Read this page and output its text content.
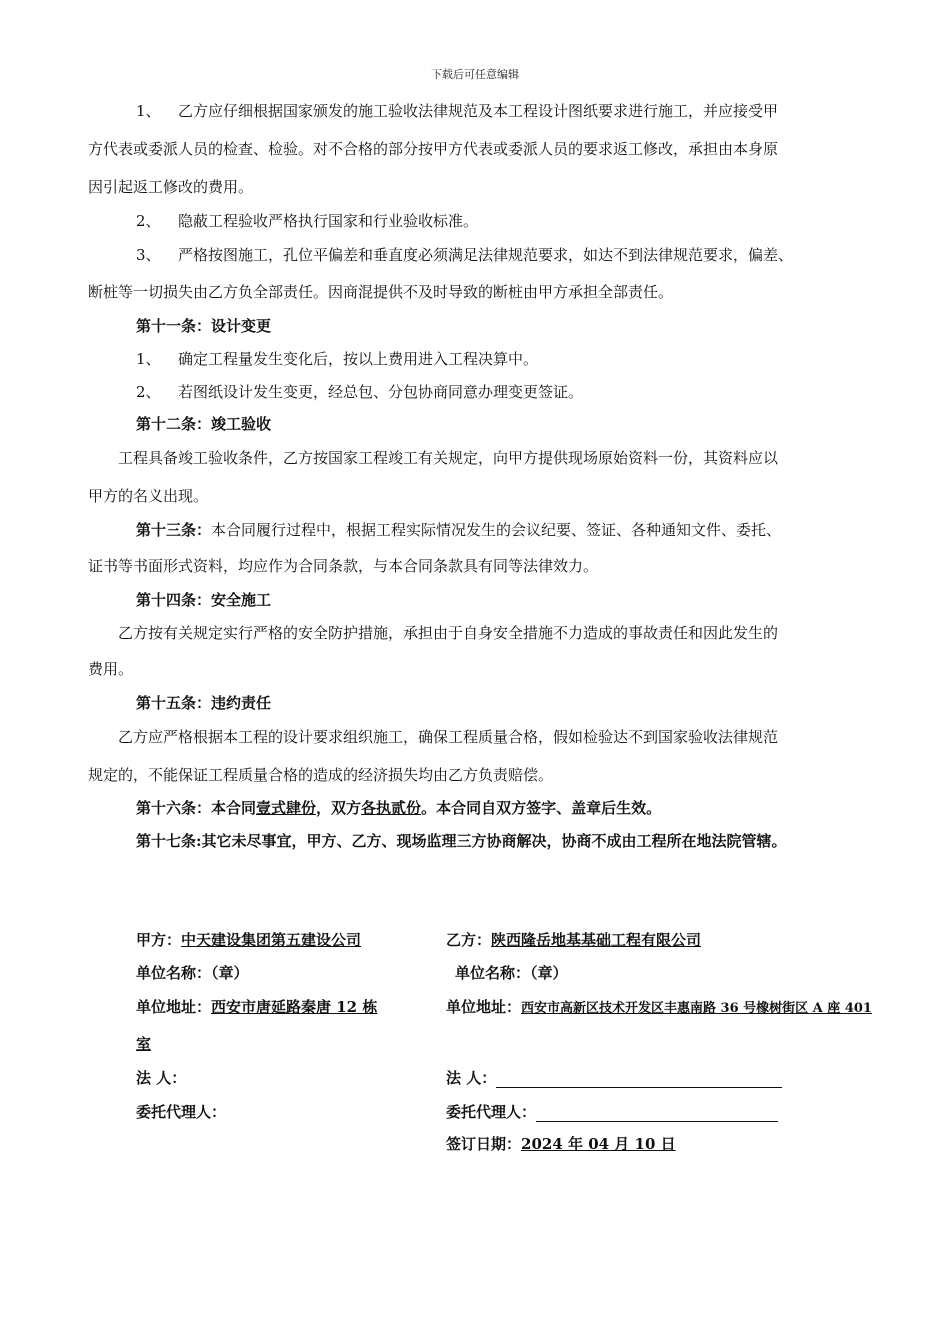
下载后可任意编辑
1、 乙方应仔细根据国家颁发的施工验收法律规范及本工程设计图纸要求进行施工，并应接受甲
方代表或委派人员的检查、检验。对不合格的部分按甲方代表或委派人员的要求返工修改，承担由本身原
因引起返工修改的费用。
2、 隐蔽工程验收严格执行国家和行业验收标准。
3、 严格按图施工，孔位平偏差和垂直度必须满足法律规范要求，如达不到法律规范要求，偏差、
断桩等一切损失由乙方负全部责任。因商混提供不及时导致的断桩由甲方承担全部责任。
第十一条：设计变更
1、 确定工程量发生变化后，按以上费用进入工程决算中。
2、 若图纸设计发生变更，经总包、分包协商同意办理变更签证。
第十二条：竣工验收
工程具备竣工验收条件，乙方按国家工程竣工有关规定，向甲方提供现场原始资料一份，其资料应以
甲方的名义出现。
第十三条：本合同履行过程中，根据工程实际情况发生的会议纪要、签证、各种通知文件、委托、
证书等书面形式资料，均应作为合同条款，与本合同条款具有同等法律效力。
第十四条：安全施工
乙方按有关规定实行严格的安全防护措施，承担由于自身安全措施不力造成的事故责任和因此发生的
费用。
第十五条：违约责任
乙方应严格根据本工程的设计要求组织施工，确保工程质量合格，假如检验达不到国家验收法律规范
规定的，不能保证工程质量合格的造成的经济损失均由乙方负责赔偿。
第十六条：本合同壹式肆份，双方各执贰份。本合同自双方签字、盖章后生效。
第十七条:其它未尽事宜，甲方、乙方、现场监理三方协商解决，协商不成由工程所在地法院管辖。
甲方：中天建设集团第五建设公司
单位名称：（章）
单位地址：西安市唐延路秦唐 12 栋
室
法 人：
委托代理人：
乙方：陕西隆岳地基基础工程有限公司
单位名称：（章）
单位地址：西安市高新区技术开发区丰惠南路 36 号橡树街区 A 座 401
法 人：
委托代理人：
签订日期：2024 年 04 月 10 日
